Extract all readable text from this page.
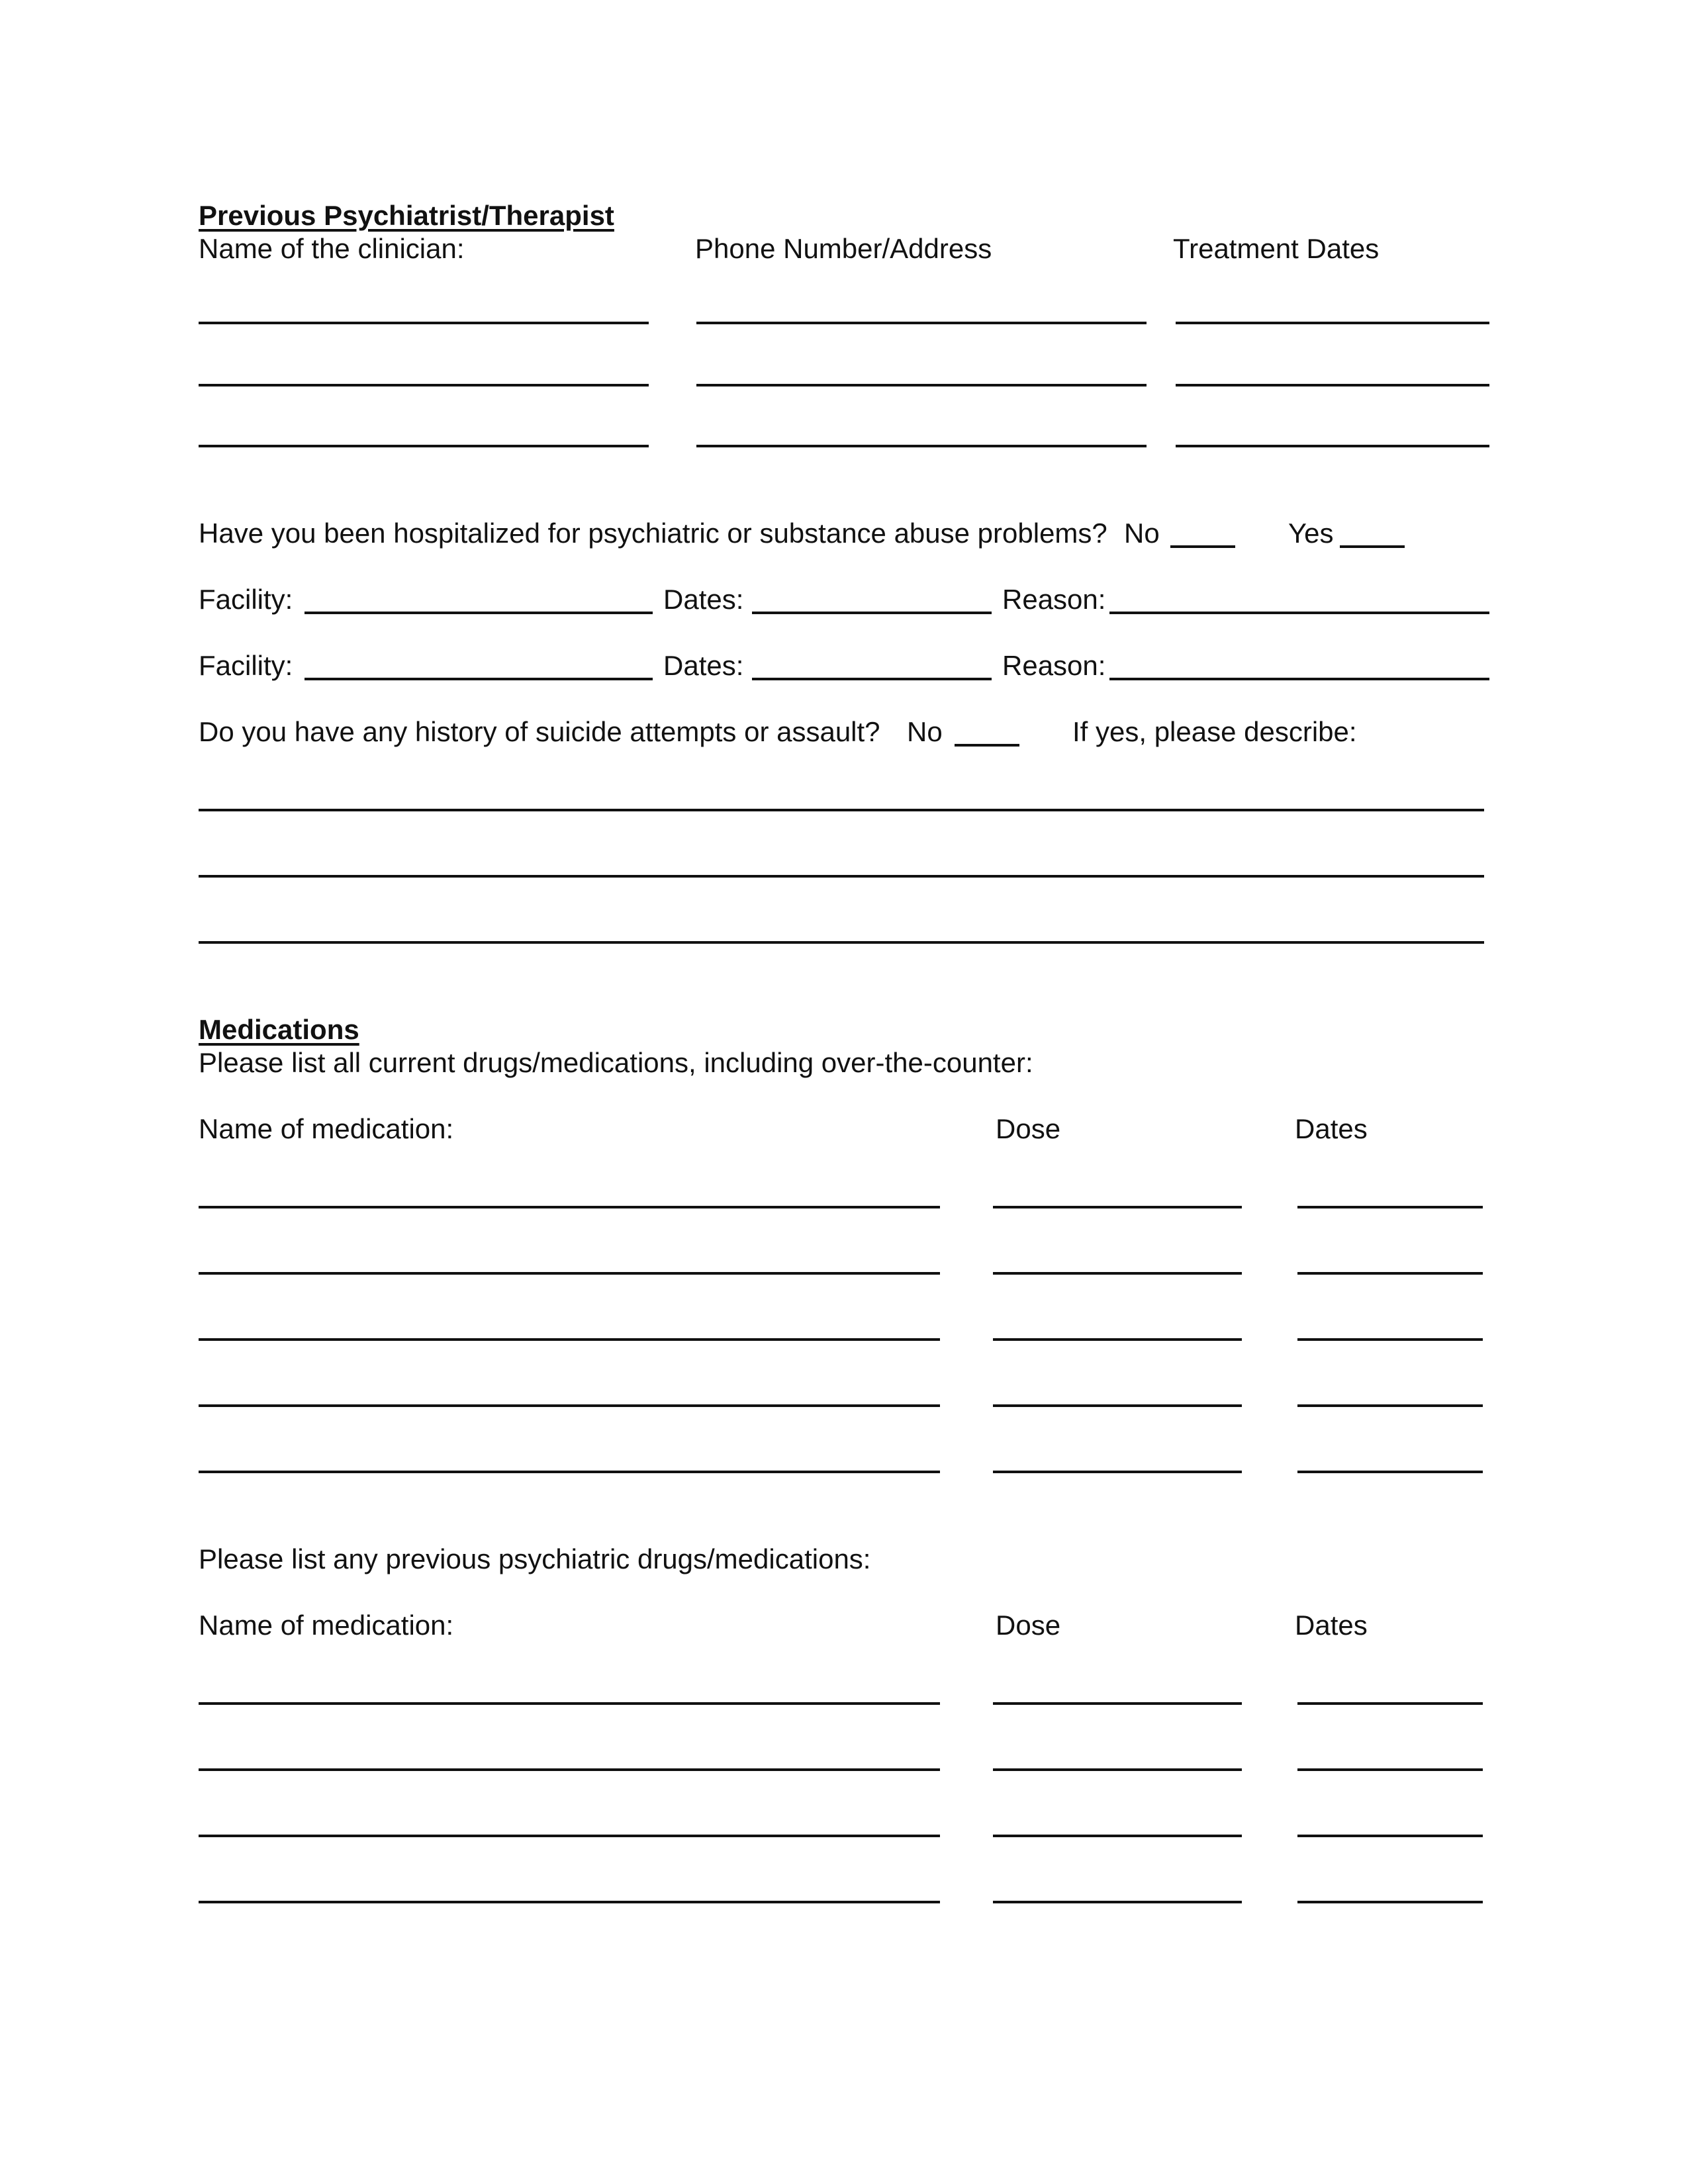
Previous Psychiatrist/Therapist
Name of the clinician:	Phone Number/Address	Treatment Dates
Have you been hospitalized for psychiatric or substance abuse problems? No	Yes
Facility:	Dates:	Reason:
Facility:	Dates:	Reason:
Do you have any history of suicide attempts or assault? No	If yes, please describe:
Medications
Please list all current drugs/medications, including over-the-counter:
Name of medication:	Dose	Dates
Please list any previous psychiatric drugs/medications:
Name of medication:	Dose	Dates
